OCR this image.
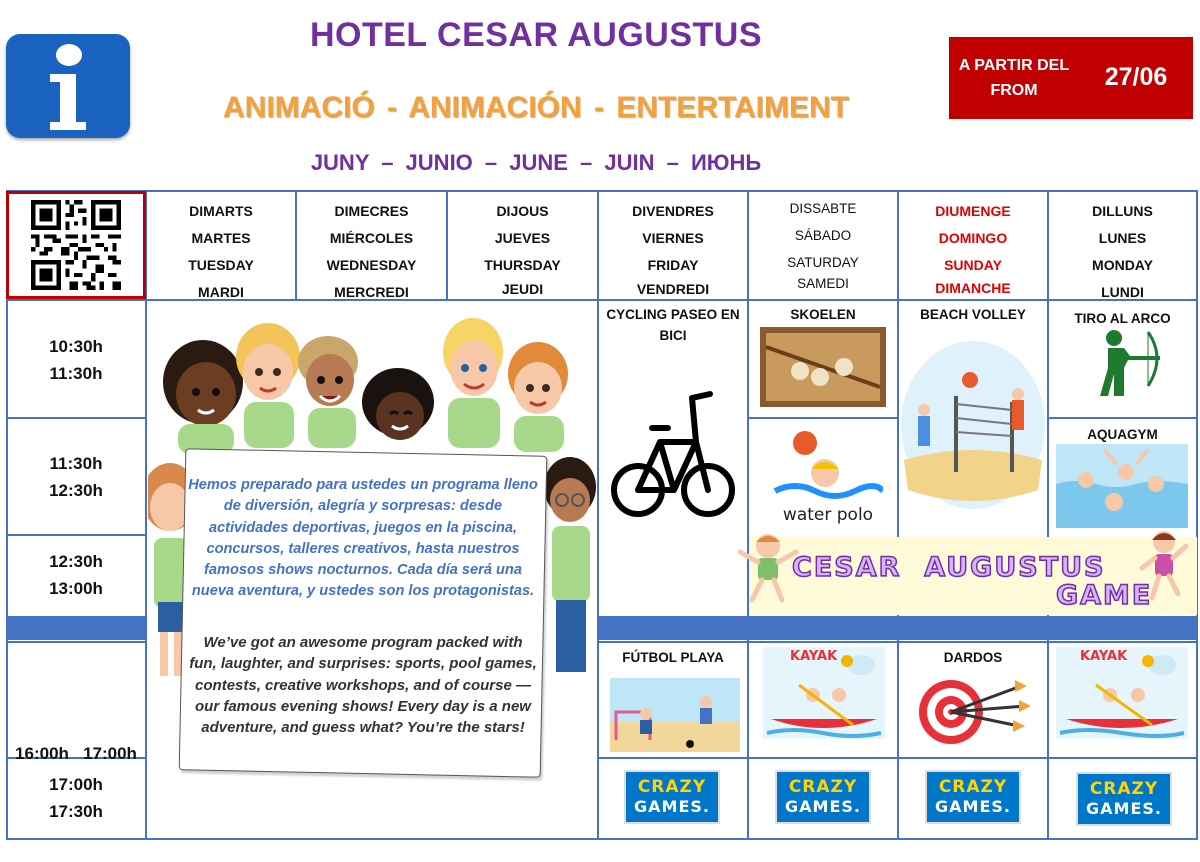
HOTEL CESAR AUGUSTUS
ANIMACIÓ - ANIMACIÓN - ENTERTAIMENT
JUNY – JUNIO – JUNE – JUIN – ИЮНЬ
A PARTIR DEL
FROM	27/06
DIMARTS
MARTES
TUESDAY
MARDI
DIMECRES
MIÉRCOLES
WEDNESDAY
MERCREDI
DIJOUS
JUEVES
THURSDAY
JEUDI
DIVENDRES
VIERNES
FRIDAY
VENDREDI
DISSABTE
SÁBADO
SATURDAY
SAMEDI
DIUMENGE
DOMINGO
SUNDAY
DIMANCHE
DILLUNS
LUNES
MONDAY
LUNDI
10:30h
11:30h
11:30h
12:30h
12:30h
13:00h

16:00h   17:00h

17:00h
17:30h
Hemos preparado para ustedes un programa lleno de diversión, alegría y sorpresas: desde actividades deportivas, juegos en la piscina, concursos, talleres creativos, hasta nuestros famosos shows nocturnos. Cada día será una nueva aventura, y ustedes son los protagonistas.
We’ve got an awesome program packed with fun, laughter, and surprises: sports, pool games, contests, creative workshops, and of course — our famous evening shows! Every day is a new adventure, and guess what? You’re the stars!
CYCLING PASEO EN BICI
FÚTBOL PLAYA
CRAZY
GAMES.
SKOELEN
water polo
KAYAK
CRAZY
GAMES.
BEACH VOLLEY
DARDOS
CRAZY
GAMES.
TIRO AL ARCO
AQUAGYM
KAYAK
CRAZY
GAMES.
CESAR  AUGUSTUS
GAME
